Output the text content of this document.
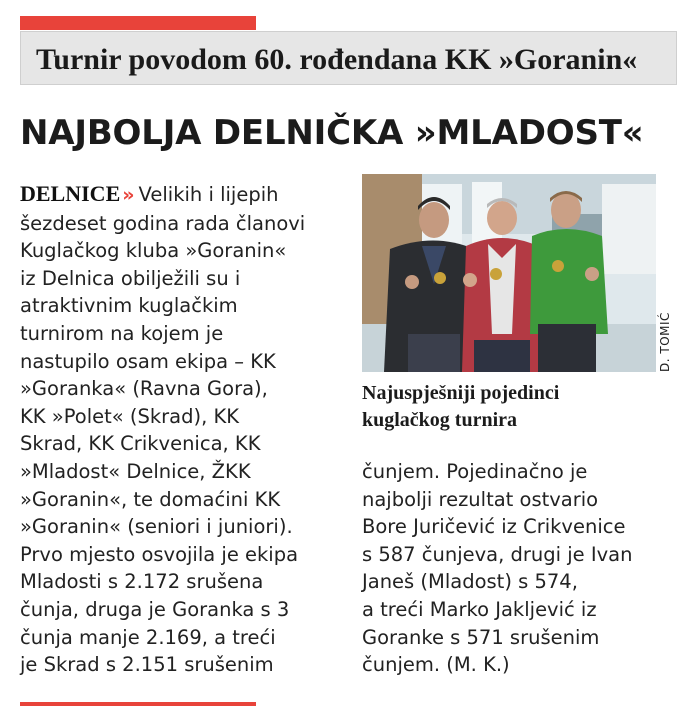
Turnir povodom 60. rođendana KK »Goranin«
NAJBOLJA DELNIČKA »MLADOST«
DELNICE » Velikih i lijepih
šezdeset godina rada članovi
Kuglačkog kluba »Goranin«
iz Delnica obilježili su i
atraktivnim kuglačkim
turnirom na kojem je
nastupilo osam ekipa – KK
»Goranka« (Ravna Gora),
KK »Polet« (Skrad), KK
Skrad, KK Crikvenica, KK
»Mladost« Delnice, ŽKK
»Goranin«, te domaćini KK
»Goranin« (seniori i juniori).
Prvo mjesto osvojila je ekipa
Mladosti s 2.172 srušena
čunja, druga je Goranka s 3
čunja manje 2.169, a treći
je Skrad s 2.151 srušenim
D. TOMIĆ
Najuspješniji pojedinci
kuglačkog turnira
čunjem. Pojedinačno je
najbolji rezultat ostvario
Bore Juričević iz Crikvenice
s 587 čunjeva, drugi je Ivan
Janeš (Mladost) s 574,
a treći Marko Jakljević iz
Goranke s 571 srušenim
čunjem. (M. K.)
